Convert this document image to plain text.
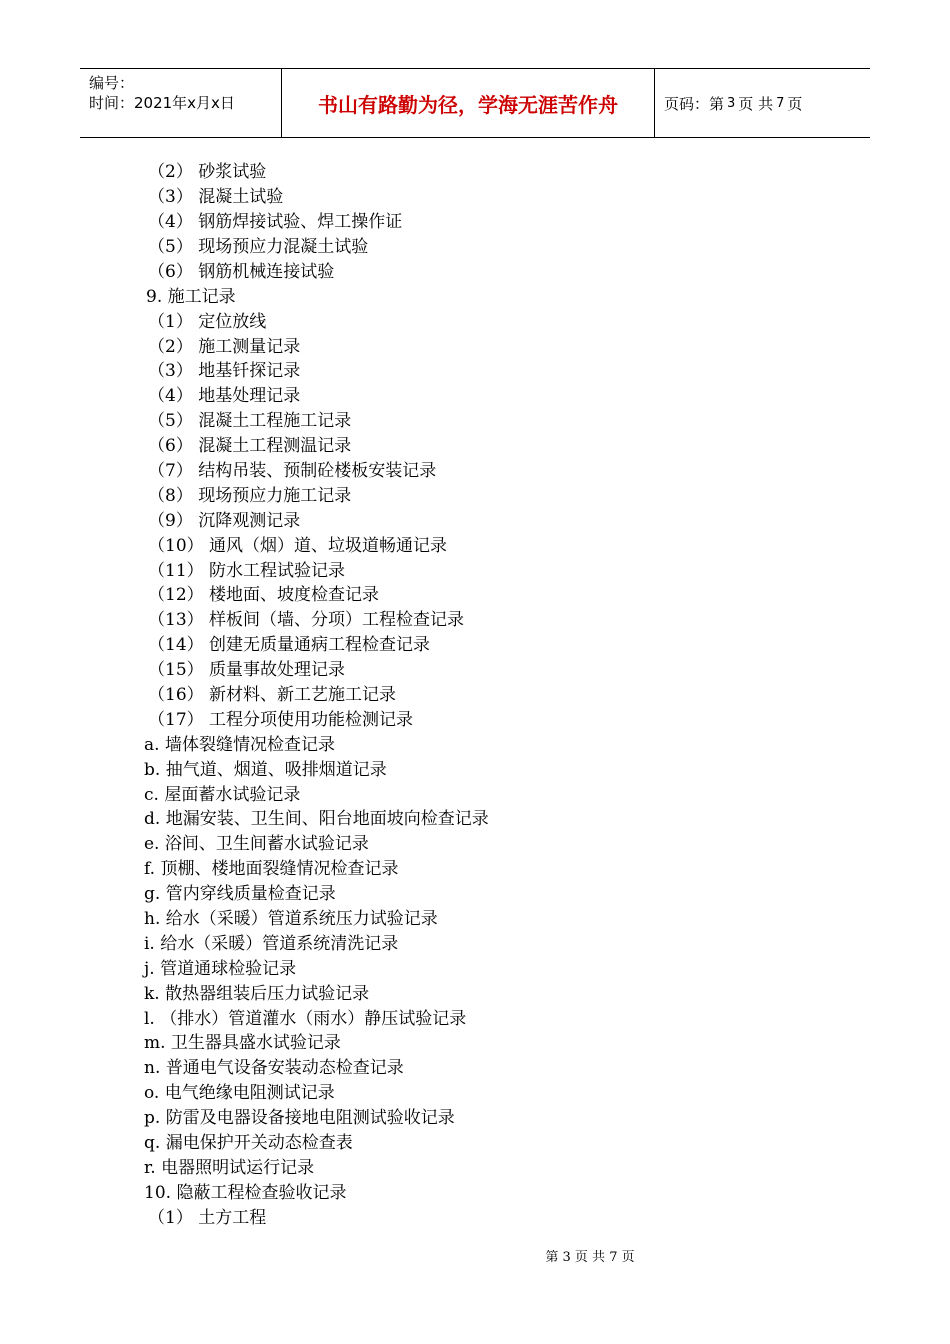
编号：
时间：2021年x月x日	书山有路勤为径，学海无涯苦作舟	页码：第 3 页 共 7 页
（2） 砂浆试验
（3） 混凝土试验
（4） 钢筋焊接试验、焊工操作证
（5） 现场预应力混凝土试验
（6） 钢筋机械连接试验
9. 施工记录
（1） 定位放线
（2） 施工测量记录
（3） 地基钎探记录
（4） 地基处理记录
（5） 混凝土工程施工记录
（6） 混凝土工程测温记录
（7） 结构吊装、预制砼楼板安装记录
（8） 现场预应力施工记录
（9） 沉降观测记录
（10） 通风（烟）道、垃圾道畅通记录
（11） 防水工程试验记录
（12） 楼地面、坡度检查记录
（13） 样板间（墙、分项）工程检查记录
（14） 创建无质量通病工程检查记录
（15） 质量事故处理记录
（16） 新材料、新工艺施工记录
（17） 工程分项使用功能检测记录
a. 墙体裂缝情况检查记录
b. 抽气道、烟道、吸排烟道记录
c. 屋面蓄水试验记录
d. 地漏安装、卫生间、阳台地面坡向检查记录
e. 浴间、卫生间蓄水试验记录
f. 顶棚、楼地面裂缝情况检查记录
g. 管内穿线质量检查记录
h. 给水（采暖）管道系统压力试验记录
i. 给水（采暖）管道系统清洗记录
j. 管道通球检验记录
k. 散热器组装后压力试验记录
l. （排水）管道灌水（雨水）静压试验记录
m. 卫生器具盛水试验记录
n. 普通电气设备安装动态检查记录
o. 电气绝缘电阻测试记录
p. 防雷及电器设备接地电阻测试验收记录
q. 漏电保护开关动态检查表
r. 电器照明试运行记录
10. 隐蔽工程检查验收记录
（1） 土方工程
第 3 页 共 7 页
